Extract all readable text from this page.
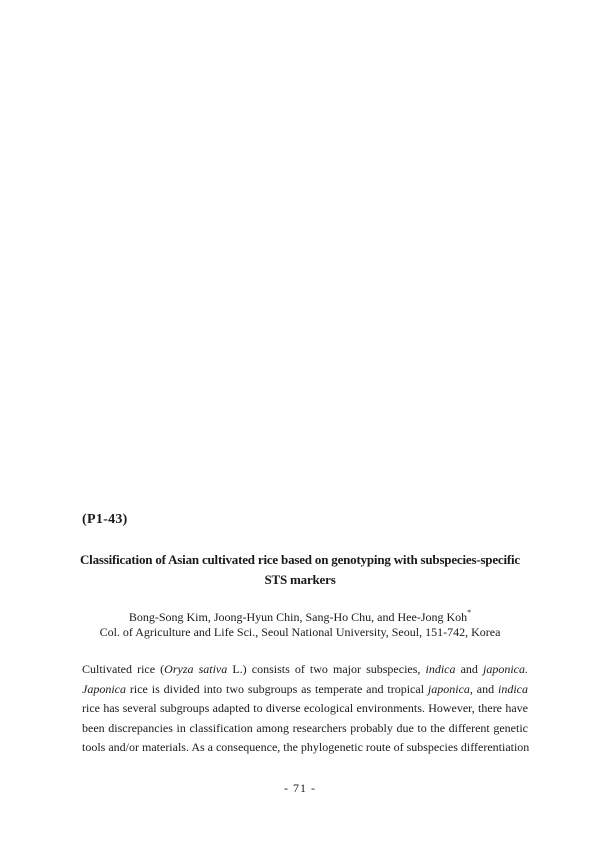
(P1-43)
Classification of Asian cultivated rice based on genotyping with subspecies-specific
STS markers
Bong-Song Kim, Joong-Hyun Chin, Sang-Ho Chu, and Hee-Jong Koh*
Col. of Agriculture and Life Sci., Seoul National University, Seoul, 151-742, Korea
Cultivated rice (Oryza sativa L.) consists of two major subspecies, indica and japonica.
Japonica rice is divided into two subgroups as temperate and tropical japonica, and indica
rice has several subgroups adapted to diverse ecological environments. However, there have
been discrepancies in classification among researchers probably due to the different genetic
tools and/or materials. As a consequence, the phylogenetic route of subspecies differentiation
- 71 -
